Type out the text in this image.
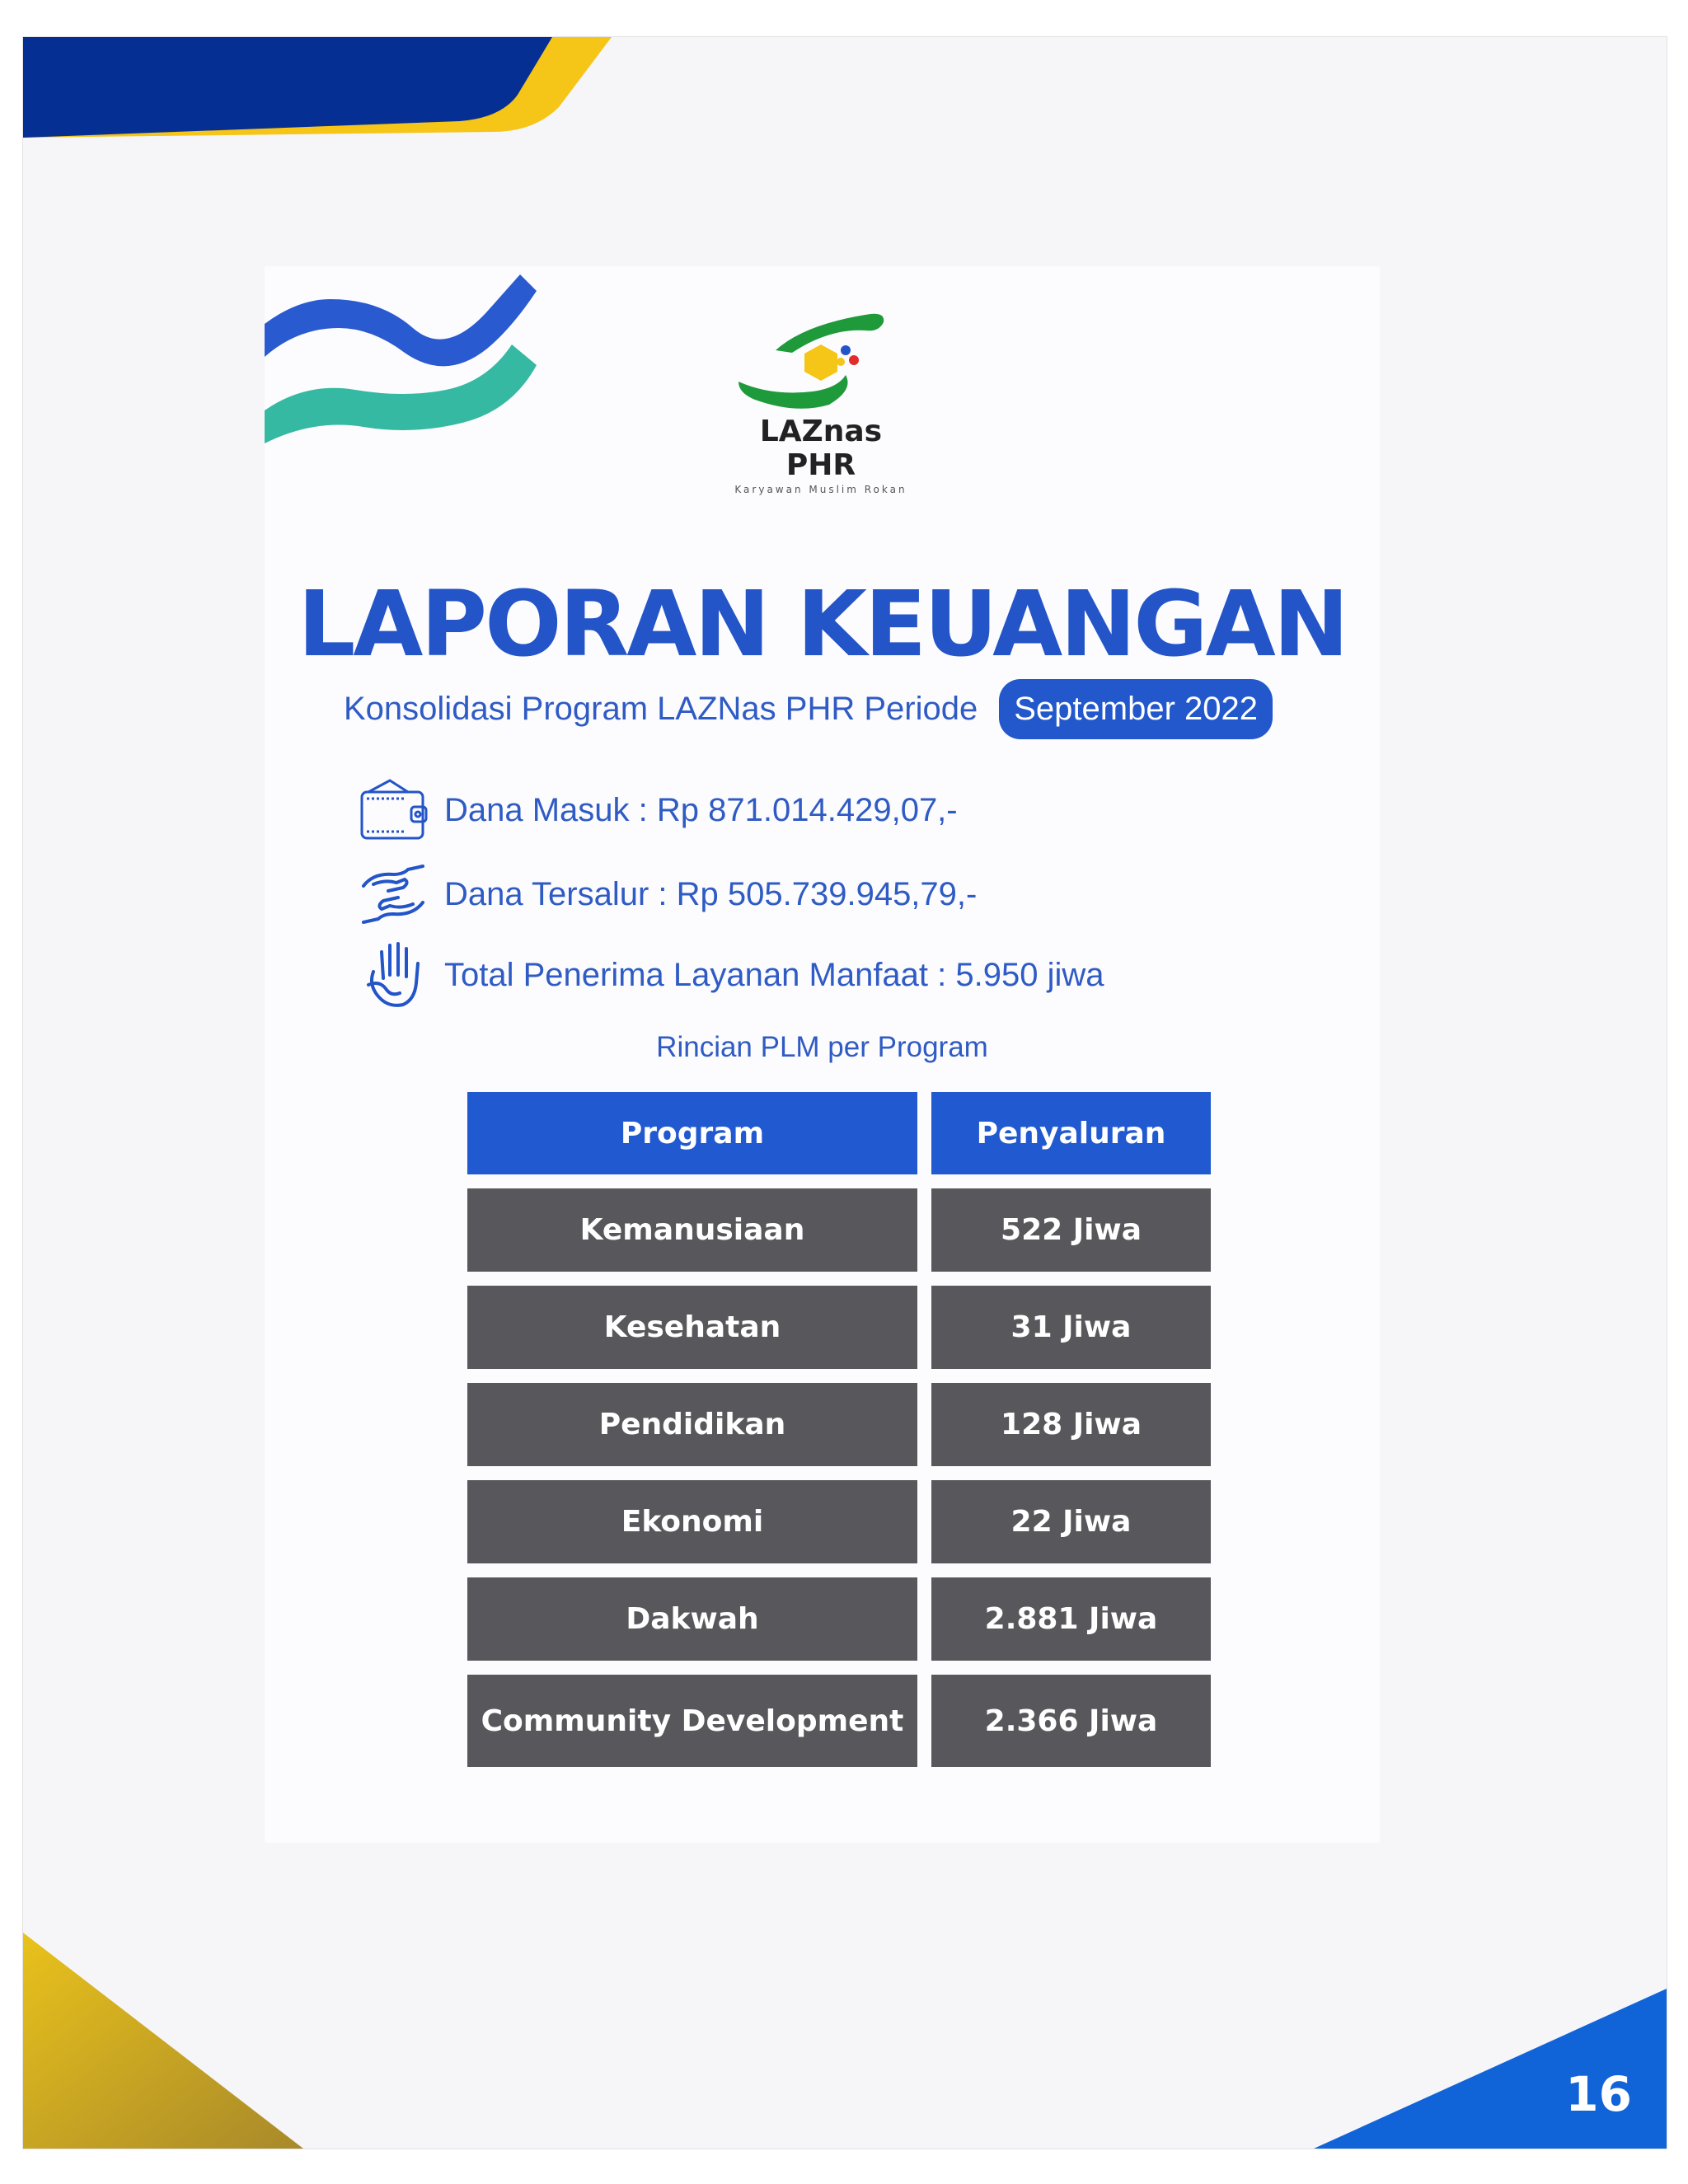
16
LAZnas PHR
Karyawan Muslim Rokan
LAPORAN KEUANGAN
Konsolidasi Program LAZNas PHR Periode	September 2022
Dana Masuk : Rp 871.014.429,07,-
Dana Tersalur : Rp 505.739.945,79,-
Total Penerima Layanan Manfaat : 5.950 jiwa
Rincian PLM per Program
Program	Penyaluran
Kemanusiaan	522 Jiwa
Kesehatan	31 Jiwa
Pendidikan	128 Jiwa
Ekonomi	22 Jiwa
Dakwah	2.881 Jiwa
Community Development	2.366 Jiwa
